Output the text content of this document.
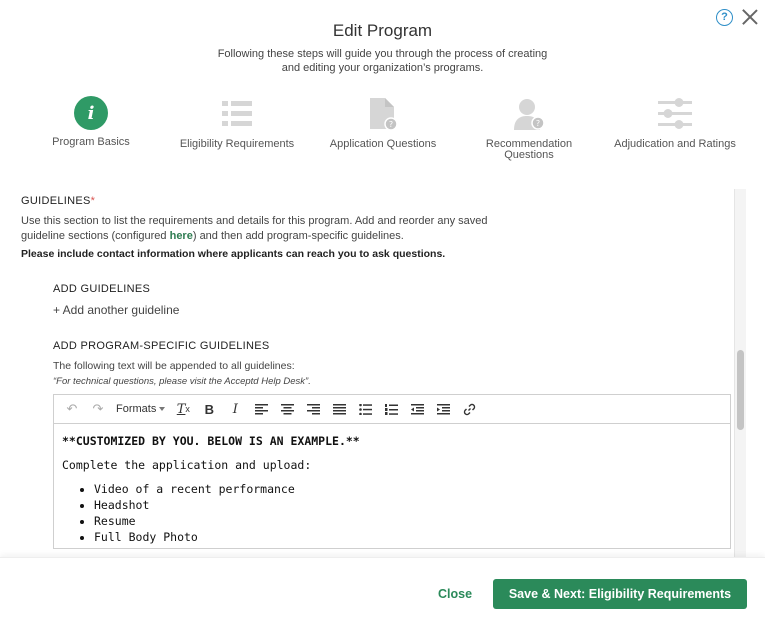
?
Edit Program
Following these steps will guide you through the process of creating
and editing your organization’s programs.
i
Program Basics	Eligibility Requirements
?
Application Questions
?
Recommendation
Questions
Adjudication and Ratings
GUIDELINES*
Use this section to list the requirements and details for this program. Add and reorder any saved guideline sections (configured here) and then add program-specific guidelines.
Please include contact information where applicants can reach you to ask questions.
ADD GUIDELINES
+ Add another guideline
ADD PROGRAM-SPECIFIC GUIDELINES
The following text will be appended to all guidelines:
“For technical questions, please visit the Acceptd Help Desk”.
↶	↷	Formats T x	B	I
**CUSTOMIZED BY YOU. BELOW IS AN EXAMPLE.**
Complete the application and upload:
• Video of a recent performance
• Headshot
• Resume
• Full Body Photo
Close	Save & Next: Eligibility Requirements
